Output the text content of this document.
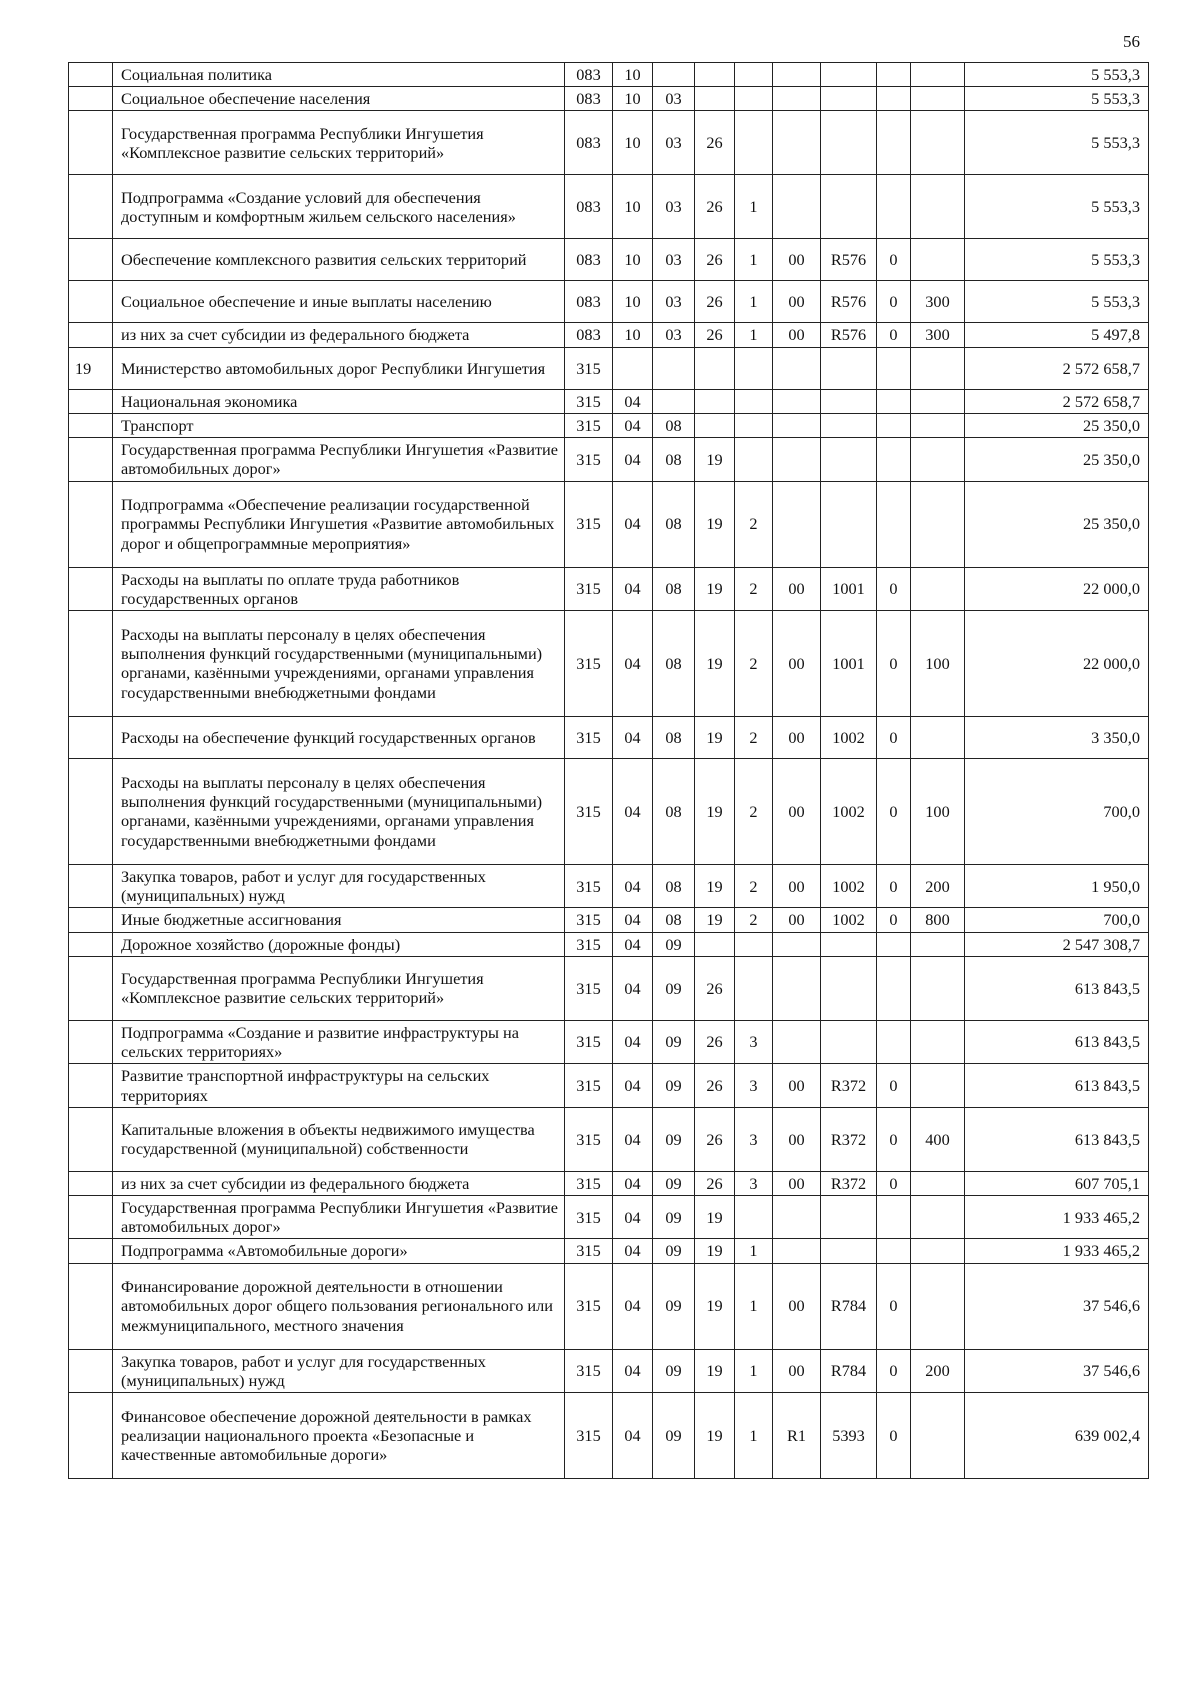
56
	Социальная политика	083	10								5 553,3
	Социальное обеспечение населения	083	10	03							5 553,3
	Государственная программа Республики Ингушетия «Комплексное развитие сельских территорий»	083	10	03	26						5 553,3
	Подпрограмма «Создание условий для обеспечения доступным и комфортным жильем сельского населения»	083	10	03	26	1					5 553,3
	Обеспечение комплексного развития сельских территорий	083	10	03	26	1	00	R576	0		5 553,3
	Социальное обеспечение и иные выплаты населению	083	10	03	26	1	00	R576	0	300	5 553,3
	из них за счет субсидии из федерального бюджета	083	10	03	26	1	00	R576	0	300	5 497,8
19	Министерство автомобильных дорог Республики Ингушетия	315									2 572 658,7
	Национальная экономика	315	04								2 572 658,7
	Транспорт	315	04	08							25 350,0
	Государственная программа Республики Ингушетия «Развитие автомобильных дорог»	315	04	08	19						25 350,0
	Подпрограмма «Обеспечение реализации государственной программы Республики Ингушетия «Развитие автомобильных дорог и общепрограммные мероприятия»	315	04	08	19	2					25 350,0
	Расходы на выплаты по оплате труда работников государственных органов	315	04	08	19	2	00	1001	0		22 000,0
	Расходы на выплаты персоналу в целях обеспечения выполнения функций государственными (муниципальными) органами, казёнными учреждениями, органами управления государственными внебюджетными фондами	315	04	08	19	2	00	1001	0	100	22 000,0
	Расходы на обеспечение функций государственных органов	315	04	08	19	2	00	1002	0		3 350,0
	Расходы на выплаты персоналу в целях обеспечения выполнения функций государственными (муниципальными) органами, казёнными учреждениями, органами управления государственными внебюджетными фондами	315	04	08	19	2	00	1002	0	100	700,0
	Закупка товаров, работ и услуг для государственных (муниципальных) нужд	315	04	08	19	2	00	1002	0	200	1 950,0
	Иные бюджетные ассигнования	315	04	08	19	2	00	1002	0	800	700,0
	Дорожное хозяйство (дорожные фонды)	315	04	09							2 547 308,7
	Государственная программа Республики Ингушетия «Комплексное развитие сельских территорий»	315	04	09	26						613 843,5
	Подпрограмма «Создание и развитие инфраструктуры на сельских территориях»	315	04	09	26	3					613 843,5
	Развитие транспортной инфраструктуры на сельских территориях	315	04	09	26	3	00	R372	0		613 843,5
	Капитальные вложения в объекты недвижимого имущества государственной (муниципальной) собственности	315	04	09	26	3	00	R372	0	400	613 843,5
	из них за счет субсидии из федерального бюджета	315	04	09	26	3	00	R372	0		607 705,1
	Государственная программа Республики Ингушетия «Развитие автомобильных дорог»	315	04	09	19						1 933 465,2
	Подпрограмма «Автомобильные дороги»	315	04	09	19	1					1 933 465,2
	Финансирование дорожной деятельности в отношении автомобильных дорог общего пользования регионального или межмуниципального, местного значения	315	04	09	19	1	00	R784	0		37 546,6
	Закупка товаров, работ и услуг для государственных (муниципальных) нужд	315	04	09	19	1	00	R784	0	200	37 546,6
	Финансовое обеспечение дорожной деятельности в рамках реализации национального проекта «Безопасные и качественные автомобильные дороги»	315	04	09	19	1	R1	5393	0		639 002,4
